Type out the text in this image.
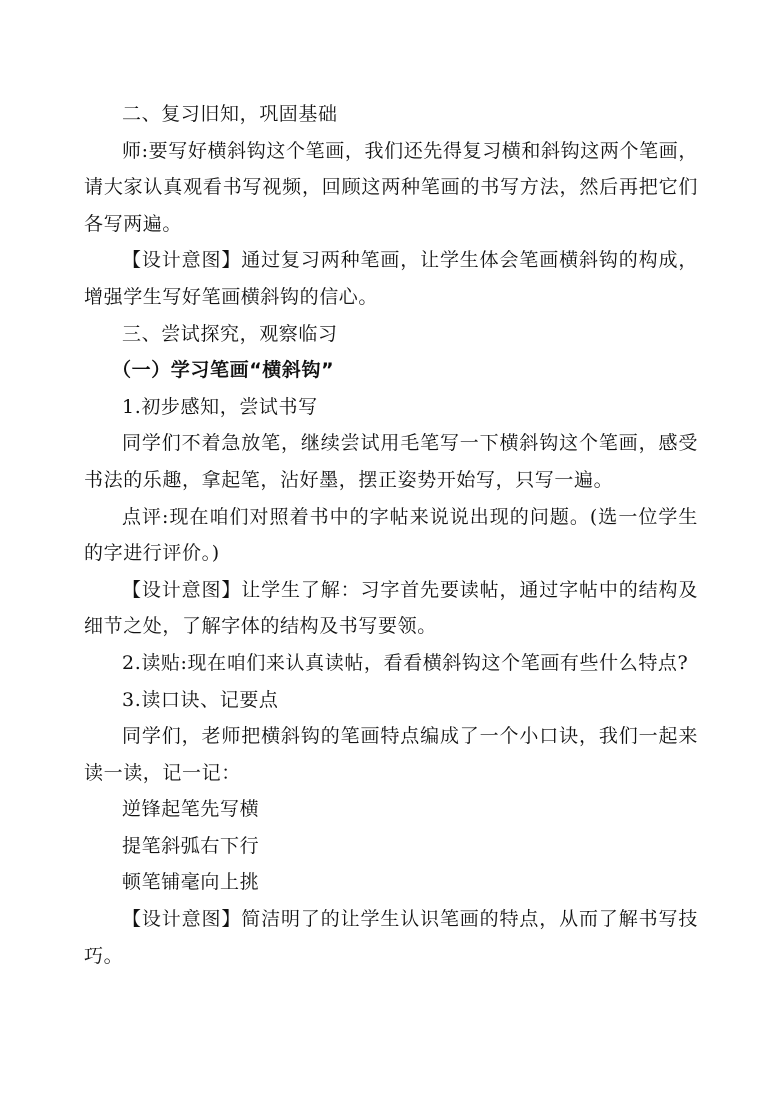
二、复习旧知，巩固基础

师:要写好横斜钩这个笔画，我们还先得复习横和斜钩这两个笔画，请大家认真观看书写视频，回顾这两种笔画的书写方法，然后再把它们各写两遍。

【设计意图】通过复习两种笔画，让学生体会笔画横斜钩的构成，增强学生写好笔画横斜钩的信心。

三、尝试探究，观察临习

（一）学习笔画“横斜钩”

1.初步感知，尝试书写

同学们不着急放笔，继续尝试用毛笔写一下横斜钩这个笔画，感受书法的乐趣，拿起笔，沾好墨，摆正姿势开始写，只写一遍。

点评:现在咱们对照着书中的字帖来说说出现的问题。(选一位学生的字进行评价。)

【设计意图】让学生了解：习字首先要读帖，通过字帖中的结构及细节之处，了解字体的结构及书写要领。

2.读贴:现在咱们来认真读帖，看看横斜钩这个笔画有些什么特点?

3.读口诀、记要点

同学们，老师把横斜钩的笔画特点编成了一个小口诀，我们一起来读一读，记一记：

逆锋起笔先写横

提笔斜弧右下行

顿笔铺毫向上挑

【设计意图】简洁明了的让学生认识笔画的特点，从而了解书写技巧。
